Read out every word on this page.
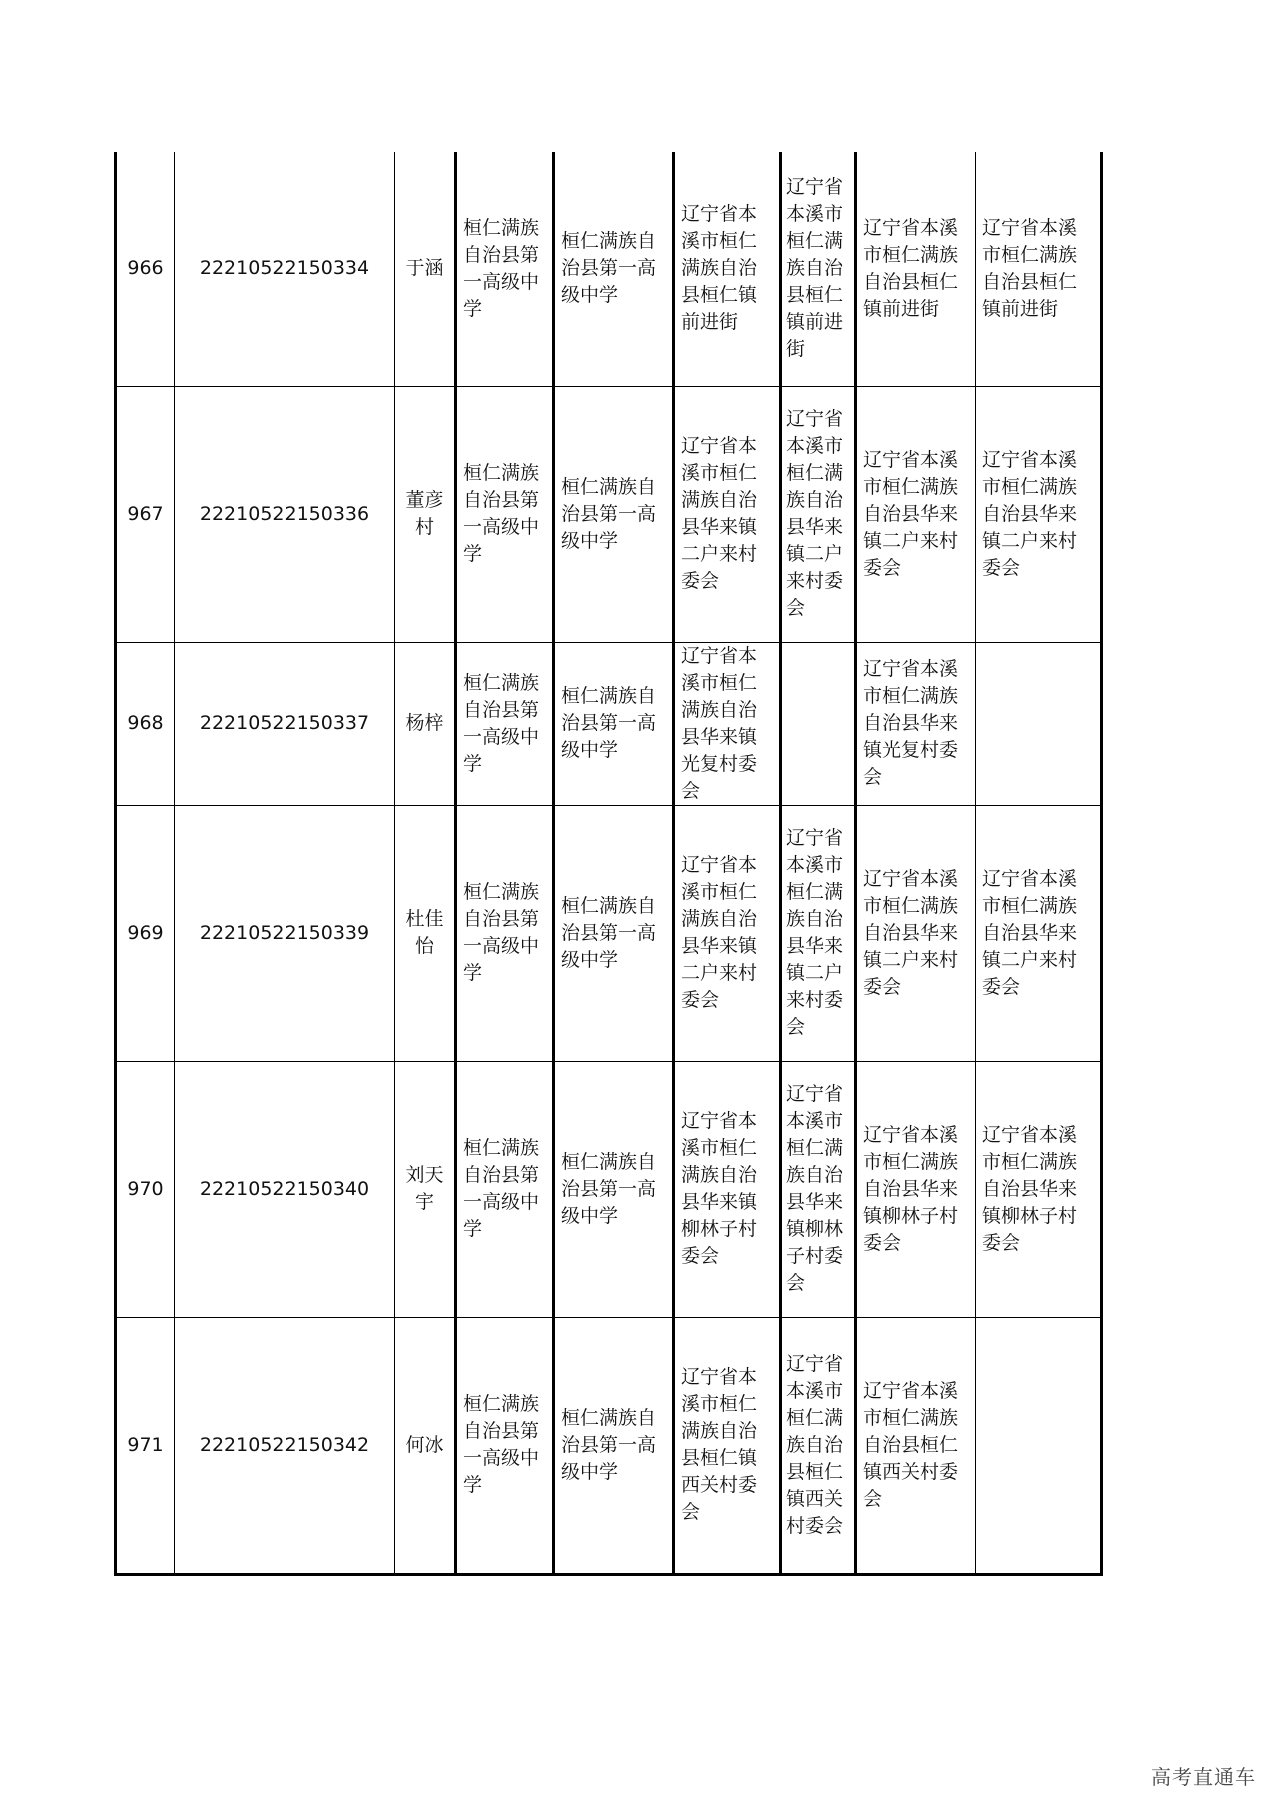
966	22210522150334	于涵	桓仁满族自治县第一高级中学	桓仁满族自治县第一高级中学	辽宁省本溪市桓仁满族自治县桓仁镇前进街	辽宁省本溪市桓仁满族自治县桓仁镇前进街	辽宁省本溪市桓仁满族自治县桓仁镇前进街	辽宁省本溪市桓仁满族自治县桓仁镇前进街
967	22210522150336	董彦村	桓仁满族自治县第一高级中学	桓仁满族自治县第一高级中学	辽宁省本溪市桓仁满族自治县华来镇二户来村委会	辽宁省本溪市桓仁满族自治县华来镇二户来村委会	辽宁省本溪市桓仁满族自治县华来镇二户来村委会	辽宁省本溪市桓仁满族自治县华来镇二户来村委会
968	22210522150337	杨梓	桓仁满族自治县第一高级中学	桓仁满族自治县第一高级中学	辽宁省本溪市桓仁满族自治县华来镇光复村委会		辽宁省本溪市桓仁满族自治县华来镇光复村委会	
969	22210522150339	杜佳怡	桓仁满族自治县第一高级中学	桓仁满族自治县第一高级中学	辽宁省本溪市桓仁满族自治县华来镇二户来村委会	辽宁省本溪市桓仁满族自治县华来镇二户来村委会	辽宁省本溪市桓仁满族自治县华来镇二户来村委会	辽宁省本溪市桓仁满族自治县华来镇二户来村委会
970	22210522150340	刘天宇	桓仁满族自治县第一高级中学	桓仁满族自治县第一高级中学	辽宁省本溪市桓仁满族自治县华来镇柳林子村委会	辽宁省本溪市桓仁满族自治县华来镇柳林子村委会	辽宁省本溪市桓仁满族自治县华来镇柳林子村委会	辽宁省本溪市桓仁满族自治县华来镇柳林子村委会
971	22210522150342	何冰	桓仁满族自治县第一高级中学	桓仁满族自治县第一高级中学	辽宁省本溪市桓仁满族自治县桓仁镇西关村委会	辽宁省本溪市桓仁满族自治县桓仁镇西关村委会	辽宁省本溪市桓仁满族自治县桓仁镇西关村委会	
高考直通车
